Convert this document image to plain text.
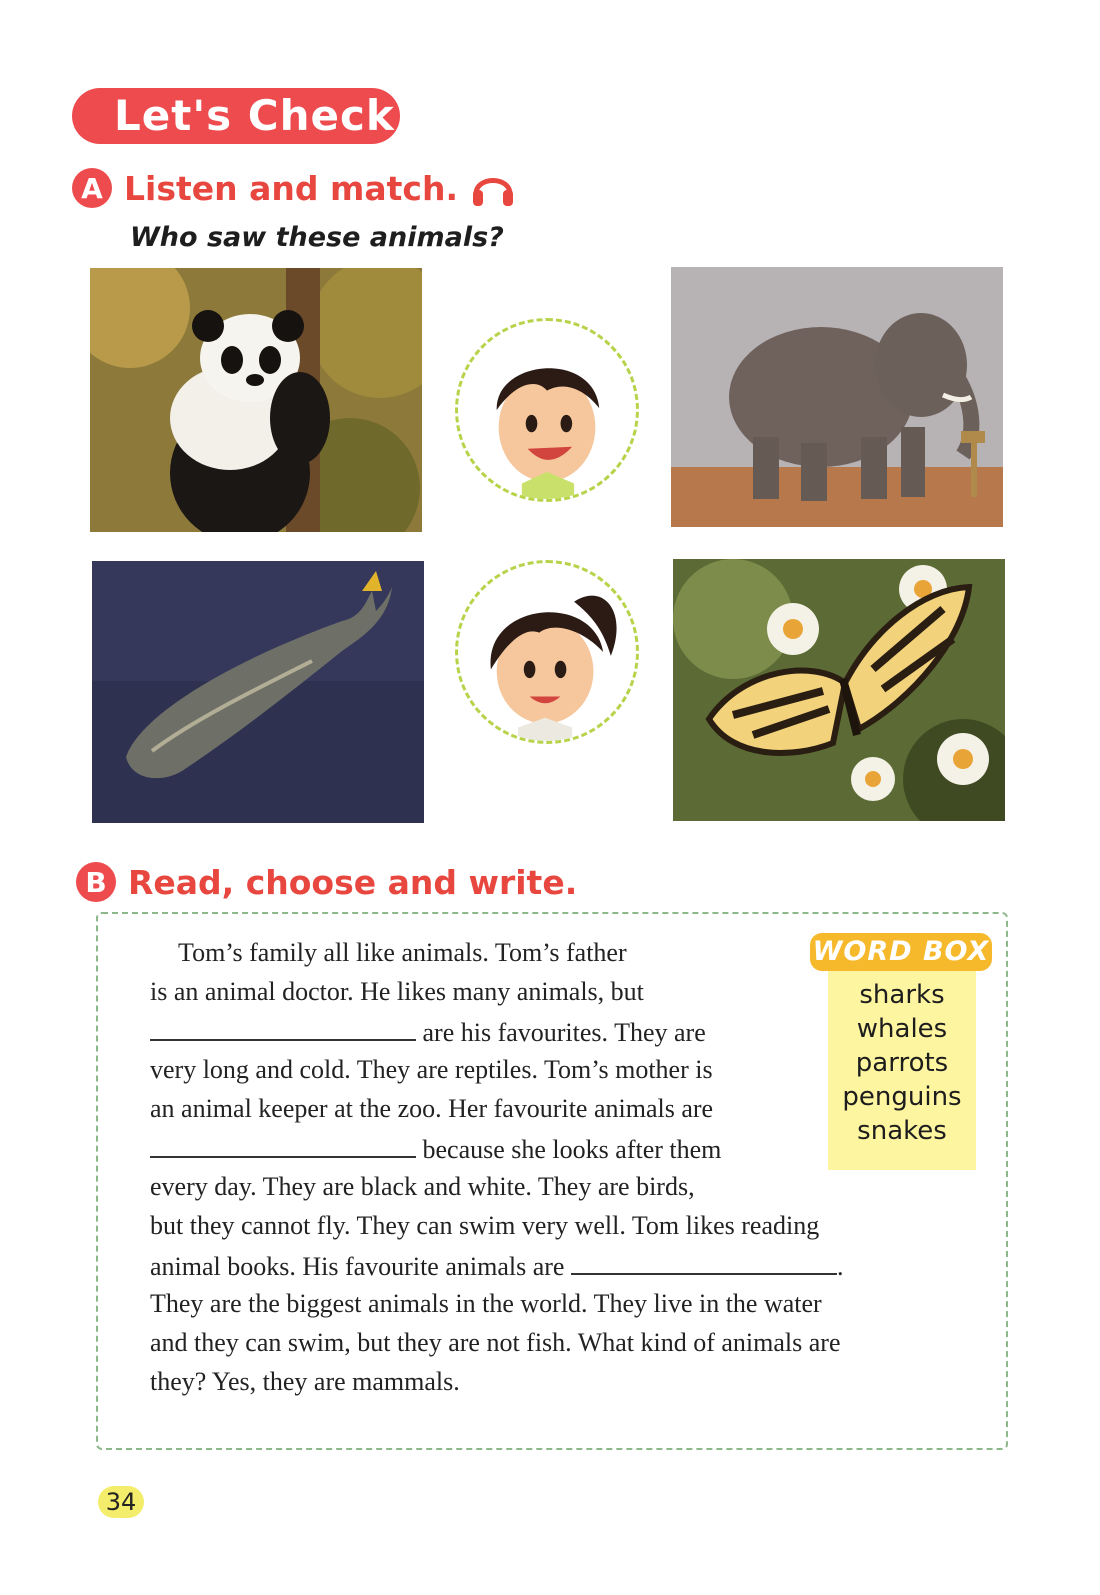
Let's Check
A Listen and match.
Who saw these animals?
B Read, choose and write.
WORD BOX
sharks
whales
parrots
penguins
snakes
Tom’s family all like animals. Tom’s father
is an animal doctor. He likes many animals, but
are his favourites. They are
very long and cold. They are reptiles. Tom’s mother is
an animal keeper at the zoo. Her favourite animals are
because she looks after them
every day. They are black and white. They are birds,
but they cannot fly. They can swim very well. Tom likes reading
animal books. His favourite animals are	.
They are the biggest animals in the world. They live in the water
and they can swim, but they are not fish. What kind of animals are
they? Yes, they are mammals.
34
